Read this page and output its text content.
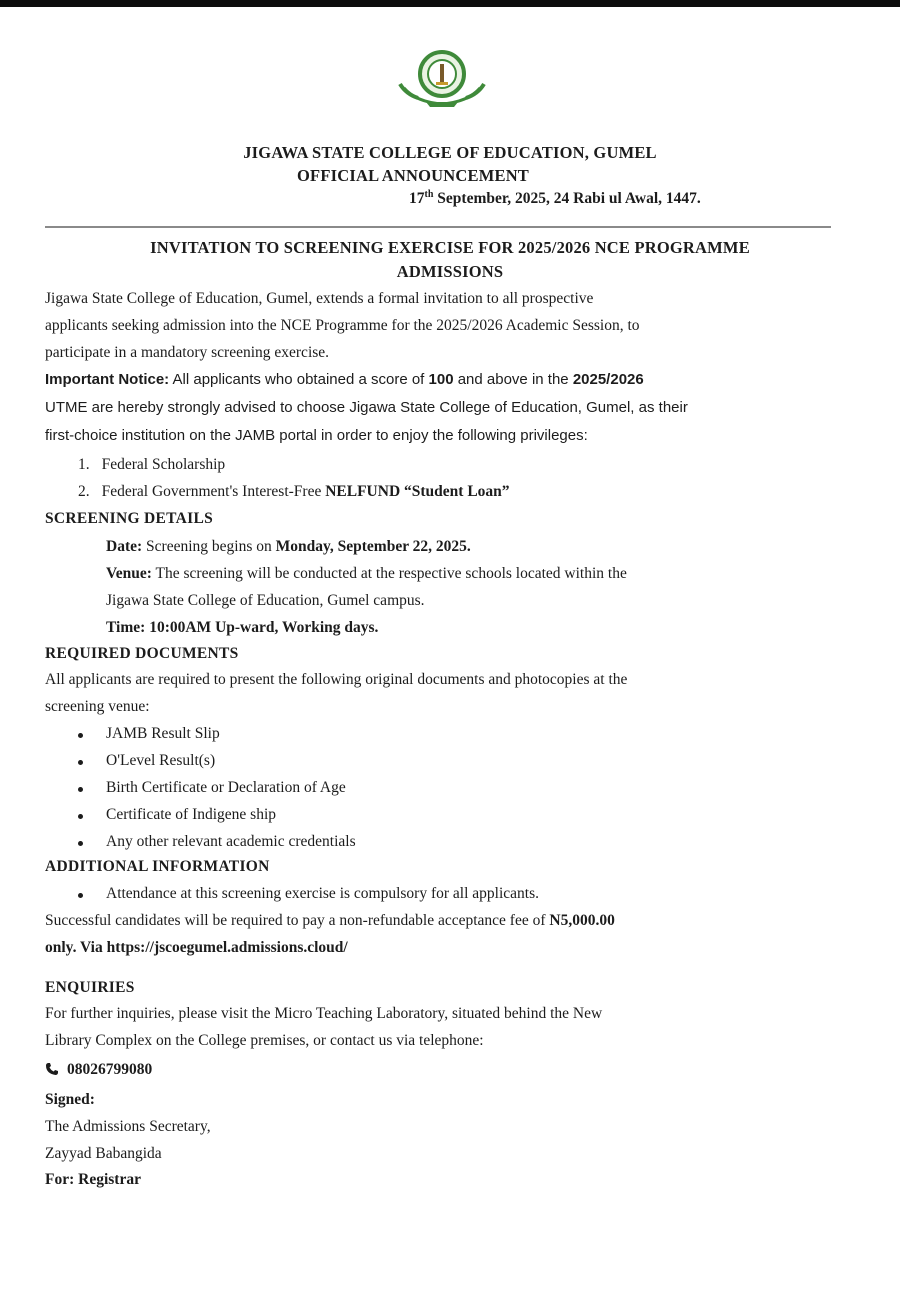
JIGAWA STATE COLLEGE OF EDUCATION, GUMEL
OFFICIAL ANNOUNCEMENT
17th September, 2025, 24 Rabi ul Awal, 1447.
INVITATION TO SCREENING EXERCISE FOR 2025/2026 NCE PROGRAMME
ADMISSIONS
Jigawa State College of Education, Gumel, extends a formal invitation to all prospective
applicants seeking admission into the NCE Programme for the 2025/2026 Academic Session, to
participate in a mandatory screening exercise.
Important Notice: All applicants who obtained a score of 100 and above in the 2025/2026
UTME are hereby strongly advised to choose Jigawa State College of Education, Gumel, as their
first-choice institution on the JAMB portal in order to enjoy the following privileges:
1. Federal Scholarship
2. Federal Government's Interest-Free NELFUND “Student Loan”
SCREENING DETAILS
Date: Screening begins on Monday, September 22, 2025.
Venue: The screening will be conducted at the respective schools located within the
Jigawa State College of Education, Gumel campus.
Time: 10:00AM Up-ward, Working days.
REQUIRED DOCUMENTS
All applicants are required to present the following original documents and photocopies at the
screening venue:
JAMB Result Slip
O'Level Result(s)
Birth Certificate or Declaration of Age
Certificate of Indigene ship
Any other relevant academic credentials
ADDITIONAL INFORMATION
Attendance at this screening exercise is compulsory for all applicants.
Successful candidates will be required to pay a non-refundable acceptance fee of N5,000.00
only. Via https://jscoegumel.admissions.cloud/
ENQUIRIES
For further inquiries, please visit the Micro Teaching Laboratory, situated behind the New
Library Complex on the College premises, or contact us via telephone:
08026799080
Signed:
The Admissions Secretary,
Zayyad Babangida
For: Registrar
